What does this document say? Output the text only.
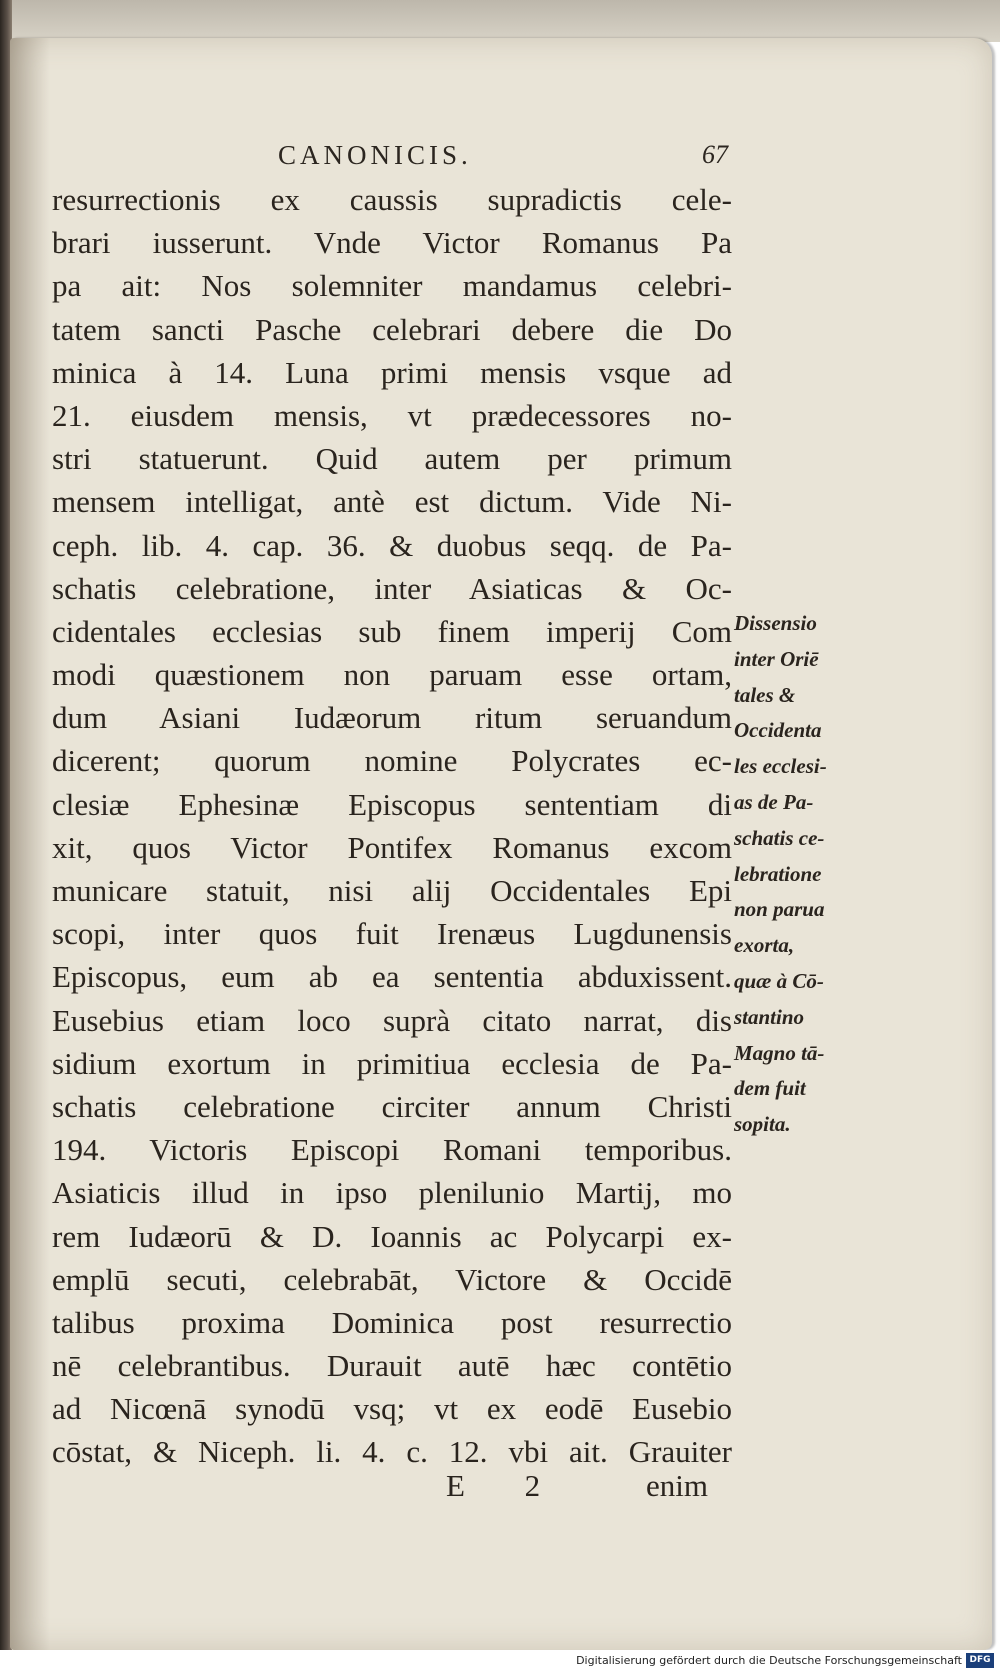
CANONICIS.	67
resurrectionis ex caussis supradictis cele-
brari iusserunt. Vnde Victor Romanus Pa
pa ait: Nos solemniter mandamus celebri-
tatem sancti Pasche celebrari debere die Do
minica à 14. Luna primi mensis vsque ad
21. eiusdem mensis, vt prædecessores no-
stri statuerunt. Quid autem per primum
mensem intelligat, antè est dictum. Vide Ni-
ceph. lib. 4. cap. 36. & duobus seqq. de Pa-
schatis celebratione, inter Asiaticas & Oc-
cidentales ecclesias sub finem imperij Com
modi quæstionem non paruam esse ortam,
dum Asiani Iudæorum ritum seruandum
dicerent; quorum nomine Polycrates ec-
clesiæ Ephesinæ Episcopus sententiam di
xit, quos Victor Pontifex Romanus excom
municare statuit, nisi alij Occidentales Epi
scopi, inter quos fuit Irenæus Lugdunensis
Episcopus, eum ab ea sententia abduxissent.
Eusebius etiam loco suprà citato narrat, dis
sidium exortum in primitiua ecclesia de Pa-
schatis celebratione circiter annum Christi
194. Victoris Episcopi Romani temporibus.
Asiaticis illud in ipso plenilunio Martij, mo
rem Iudæorū & D. Ioannis ac Polycarpi ex-
emplū secuti, celebrabāt, Victore & Occidē
talibus proxima Dominica post resurrectio
nē celebrantibus. Durauit autē hæc contētio
ad Nicœnā synodū vsq; vt ex eodē Eusebio
cōstat, & Niceph. li. 4. c. 12. vbi ait. Grauiter
Dissensio
inter Oriē
tales &
Occidenta
les ecclesi-
as de Pa-
schatis ce-
lebratione
non parua
exorta,
quæ à Cō-
stantino
Magno tā-
dem fuit
sopita.
E 2	enim
Digitalisierung gefördert durch die Deutsche Forschungsgemeinschaft DFG
